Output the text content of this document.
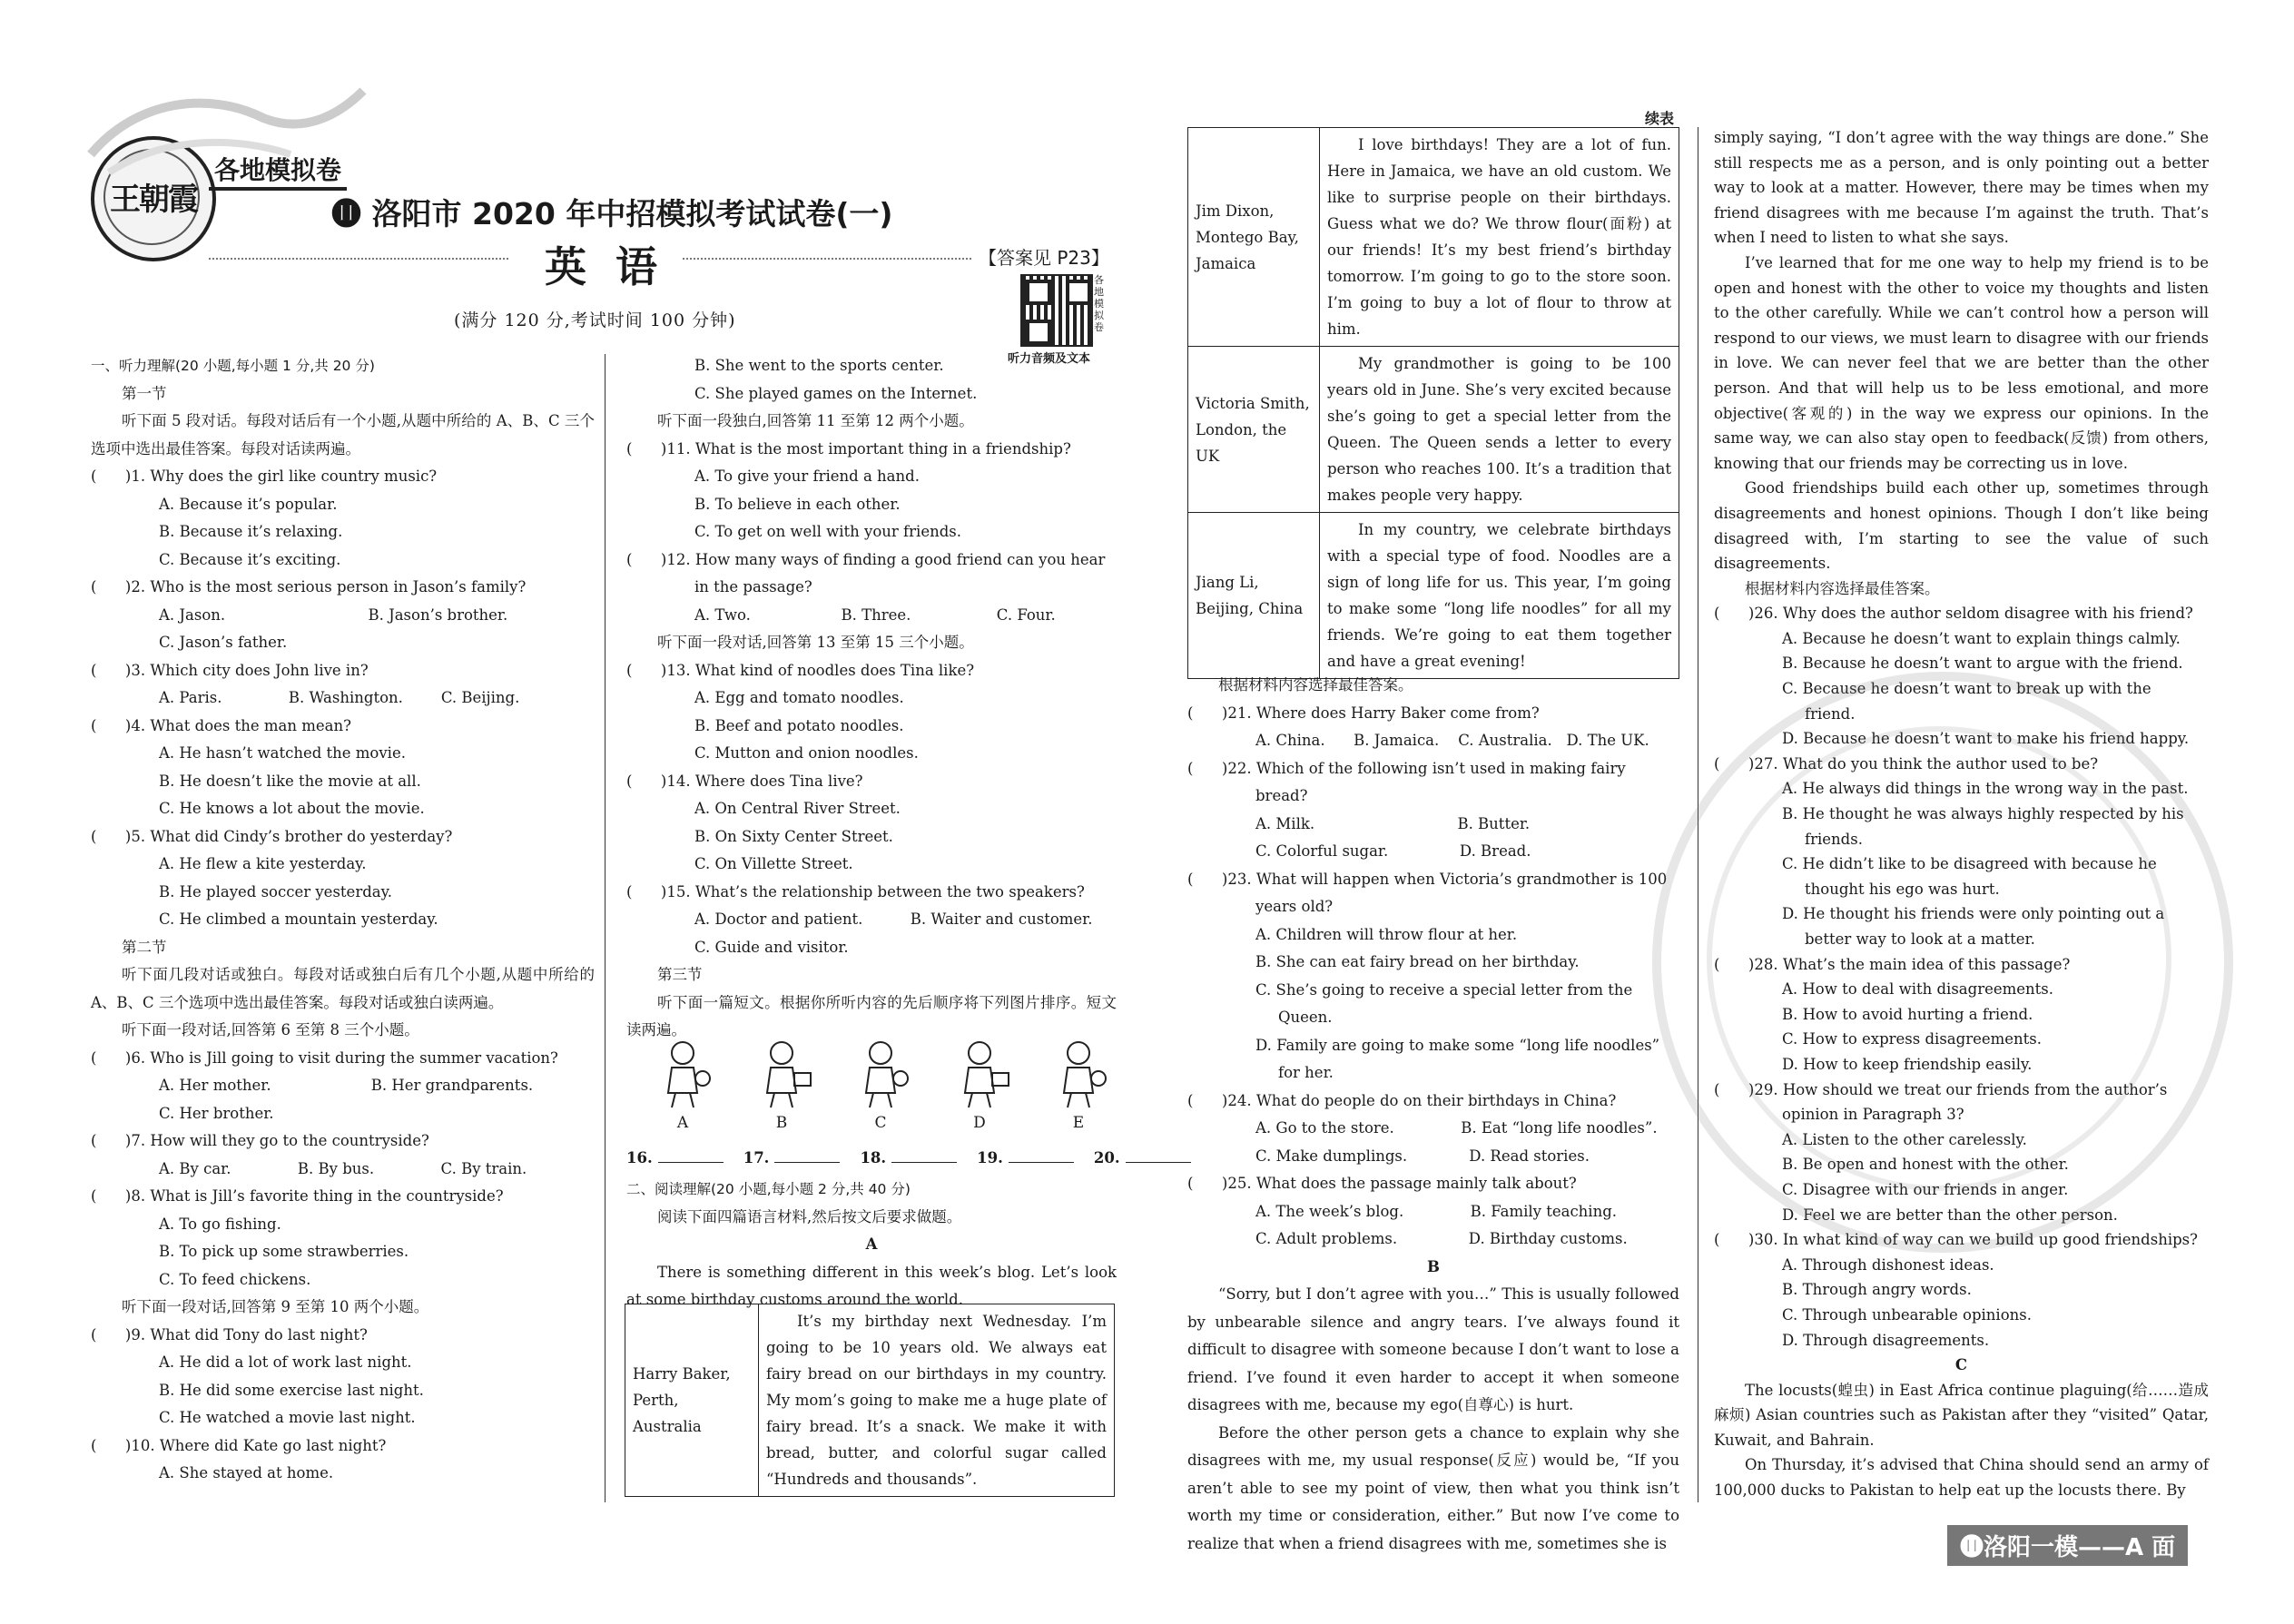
王朝霞
各地模拟卷
⓫ 洛阳市 2020 年中招模拟考试试卷(一)
英 语	【答案见 P23】
(满分 120 分,考试时间 100 分钟)
各地模拟卷
听力音频及文本
续表

一、听力理解(20 小题,每小题 1 分,共 20 分)

第一节

听下面 5 段对话。每段对话后有一个小题,从题中所给的 A、B、C 三个选项中选出最佳答案。每段对话读两遍。

(      )1. Why does the girl like country music?

A. Because it’s popular.

B. Because it’s relaxing.

C. Because it’s exciting.

(      )2. Who is the most serious person in Jason’s family?

A. Jason.                              B. Jason’s brother.

C. Jason’s father.

(      )3. Which city does John live in?

A. Paris.              B. Washington.        C. Beijing.

(      )4. What does the man mean?

A. He hasn’t watched the movie.

B. He doesn’t like the movie at all.

C. He knows a lot about the movie.

(      )5. What did Cindy’s brother do yesterday?

A. He flew a kite yesterday.

B. He played soccer yesterday.

C. He climbed a mountain yesterday.

第二节

听下面几段对话或独白。每段对话或独白后有几个小题,从题中所给的 A、B、C 三个选项中选出最佳答案。每段对话或独白读两遍。

听下面一段对话,回答第 6 至第 8 三个小题。

(      )6. Who is Jill going to visit during the summer vacation?

A. Her mother.                     B. Her grandparents.

C. Her brother.

(      )7. How will they go to the countryside?

A. By car.              B. By bus.              C. By train.

(      )8. What is Jill’s favorite thing in the countryside?

A. To go fishing.

B. To pick up some strawberries.

C. To feed chickens.

听下面一段对话,回答第 9 至第 10 两个小题。

(      )9. What did Tony do last night?

A. He did a lot of work last night.

B. He did some exercise last night.

C. He watched a movie last night.

(      )10. Where did Kate go last night?

A. She stayed at home.

B. She went to the sports center.

C. She played games on the Internet.

听下面一段独白,回答第 11 至第 12 两个小题。

(      )11. What is the most important thing in a friendship?

A. To give your friend a hand.

B. To believe in each other.

C. To get on well with your friends.

(      )12. How many ways of finding a good friend can you hear

in the passage?

A. Two.                   B. Three.                  C. Four.

听下面一段对话,回答第 13 至第 15 三个小题。

(      )13. What kind of noodles does Tina like?

A. Egg and tomato noodles.

B. Beef and potato noodles.

C. Mutton and onion noodles.

(      )14. Where does Tina live?

A. On Central River Street.

B. On Sixty Center Street.

C. On Villette Street.

(      )15. What’s the relationship between the two speakers?

A. Doctor and patient.          B. Waiter and customer.

C. Guide and visitor.

第三节

听下面一篇短文。根据你所听内容的先后顺序将下列图片排序。短文读两遍。

A	B	C	D	E
16.	17.	18.	19.	20.

二、阅读理解(20 小题,每小题 2 分,共 40 分)

阅读下面四篇语言材料,然后按文后要求做题。

A

There is something different in this week’s blog. Let’s look at some birthday customs around the world.

Harry Baker, Perth, Australia	It’s my birthday next Wednesday. I’m going to be 10 years old. We always eat fairy bread on our birthdays in my country. My mom’s going to make me a huge plate of fairy bread. It’s a snack. We make it with bread, butter, and colorful sugar called “Hundreds and thousands”.
Jim Dixon, Montego Bay, Jamaica	I love birthdays! They are a lot of fun. Here in Jamaica, we have an old custom. We like to surprise people on their birthdays. Guess what we do? We throw flour(面粉) at our friends! It’s my best friend’s birthday tomorrow. I’m going to go to the store soon. I’m going to buy a lot of flour to throw at him.
Victoria Smith, London, the UK	My grandmother is going to be 100 years old in June. She’s very excited because she’s going to get a special letter from the Queen. The Queen sends a letter to every person who reaches 100. It’s a tradition that makes people very happy.
Jiang Li, Beijing, China	In my country, we celebrate birthdays with a special type of food. Noodles are a sign of long life for us. This year, I’m going to make some “long life noodles” for all my friends. We’re going to eat them together and have a great evening!

根据材料内容选择最佳答案。

(      )21. Where does Harry Baker come from?

A. China.      B. Jamaica.    C. Australia.   D. The UK.

(      )22. Which of the following isn’t used in making fairy

bread?

A. Milk.                              B. Butter.

C. Colorful sugar.               D. Bread.

(      )23. What will happen when Victoria’s grandmother is 100

years old?

A. Children will throw flour at her.

B. She can eat fairy bread on her birthday.

C. She’s going to receive a special letter from the

Queen.

D. Family are going to make some “long life noodles”

for her.

(      )24. What do people do on their birthdays in China?

A. Go to the store.              B. Eat “long life noodles”.

C. Make dumplings.             D. Read stories.

(      )25. What does the passage mainly talk about?

A. The week’s blog.              B. Family teaching.

C. Adult problems.               D. Birthday customs.

B

“Sorry, but I don’t agree with you…” This is usually followed by unbearable silence and angry tears. I’ve always found it difficult to disagree with someone because I don’t want to lose a friend. I’ve found it even harder to accept it when someone disagrees with me, because my ego(自尊心) is hurt.

Before the other person gets a chance to explain why she disagrees with me, my usual response(反应) would be, “If you aren’t able to see my point of view, then what you think isn’t worth my time or consideration, either.” But now I’ve come to realize that when a friend disagrees with me, sometimes she is

simply saying, “I don’t agree with the way things are done.” She still respects me as a person, and is only pointing out a better way to look at a matter. However, there may be times when my friend disagrees with me because I’m against the truth. That’s when I need to listen to what she says.

I’ve learned that for me one way to help my friend is to be open and honest with the other to voice my thoughts and listen to the other carefully. While we can’t control how a person will respond to our views, we must learn to disagree with our friends in love. We can never feel that we are better than the other person. And that will help us to be less emotional, and more objective(客观的) in the way we express our opinions. In the same way, we can also stay open to feedback(反馈) from others, knowing that our friends may be correcting us in love.

Good friendships build each other up, sometimes through disagreements and honest opinions. Though I don’t like being disagreed with, I’m starting to see the value of such disagreements.

根据材料内容选择最佳答案。

(      )26. Why does the author seldom disagree with his friend?

A. Because he doesn’t want to explain things calmly.

B. Because he doesn’t want to argue with the friend.

C. Because he doesn’t want to break up with the

friend.

D. Because he doesn’t want to make his friend happy.

(      )27. What do you think the author used to be?

A. He always did things in the wrong way in the past.

B. He thought he was always highly respected by his

friends.

C. He didn’t like to be disagreed with because he

thought his ego was hurt.

D. He thought his friends were only pointing out a

better way to look at a matter.

(      )28. What’s the main idea of this passage?

A. How to deal with disagreements.

B. How to avoid hurting a friend.

C. How to express disagreements.

D. How to keep friendship easily.

(      )29. How should we treat our friends from the author’s

opinion in Paragraph 3?

A. Listen to the other carelessly.

B. Be open and honest with the other.

C. Disagree with our friends in anger.

D. Feel we are better than the other person.

(      )30. In what kind of way can we build up good friendships?

A. Through dishonest ideas.

B. Through angry words.

C. Through unbearable opinions.

D. Through disagreements.

C

The locusts(蝗虫) in East Africa continue plaguing(给……造成麻烦) Asian countries such as Pakistan after they “visited” Qatar, Kuwait, and Bahrain.

On Thursday, it’s advised that China should send an army of 100,000 ducks to Pakistan to help eat up the locusts there. By

⓫洛阳一模——A 面
